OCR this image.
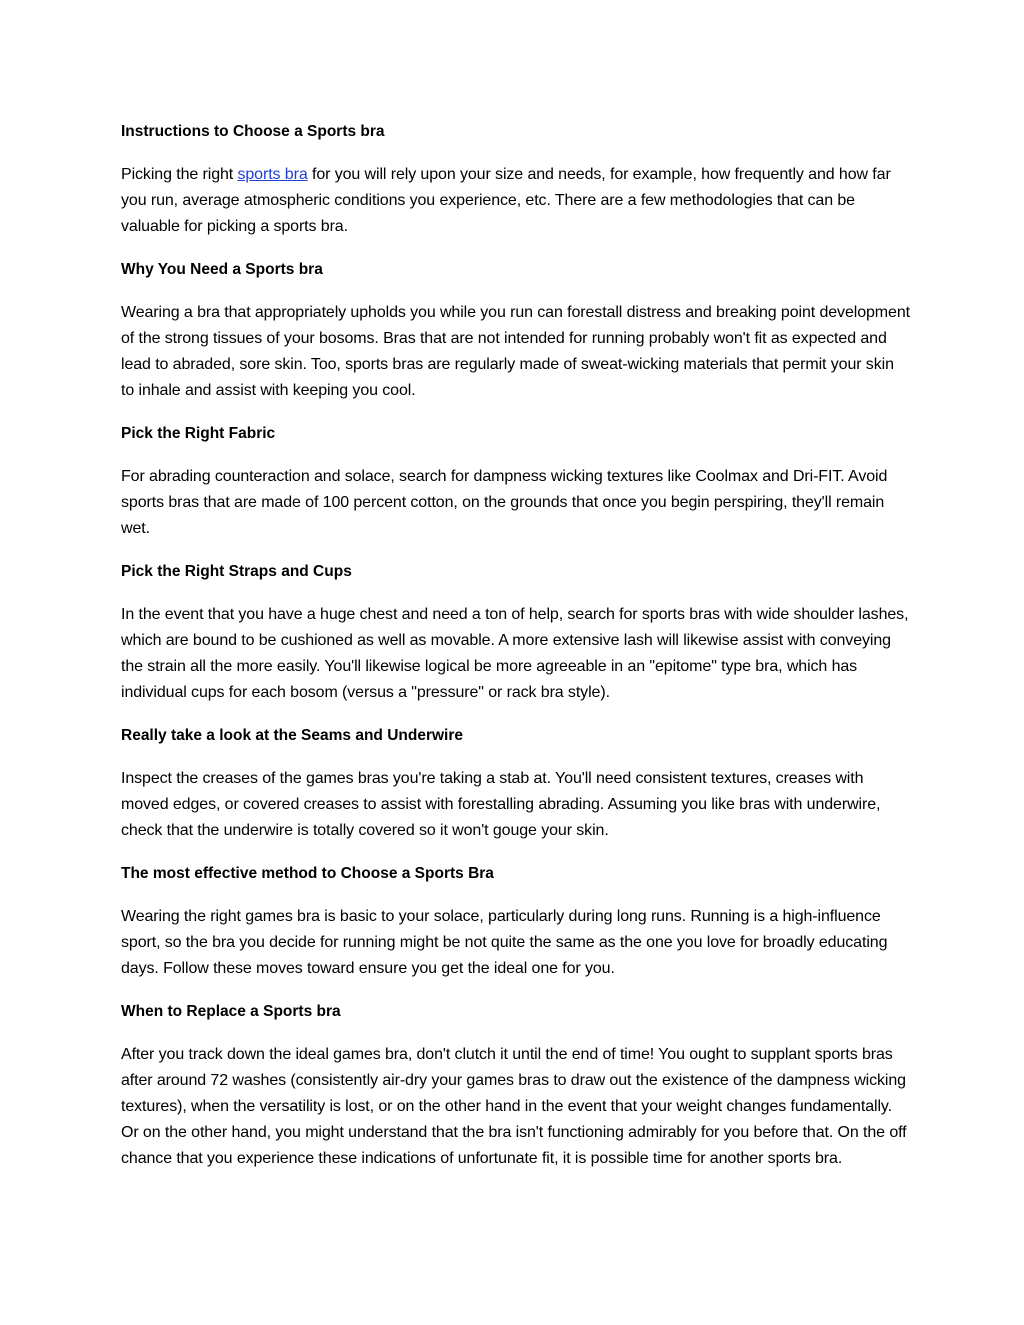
Instructions to Choose a Sports bra

Picking the right sports bra for you will rely upon your size and needs, for example, how frequently and how far you run, average atmospheric conditions you experience, etc. There are a few methodologies that can be valuable for picking a sports bra.

Why You Need a Sports bra

Wearing a bra that appropriately upholds you while you run can forestall distress and breaking point development of the strong tissues of your bosoms. Bras that are not intended for running probably won't fit as expected and lead to abraded, sore skin. Too, sports bras are regularly made of sweat-wicking materials that permit your skin to inhale and assist with keeping you cool.

Pick the Right Fabric

For abrading counteraction and solace, search for dampness wicking textures like Coolmax and Dri-FIT. Avoid sports bras that are made of 100 percent cotton, on the grounds that once you begin perspiring, they'll remain wet.

Pick the Right Straps and Cups

In the event that you have a huge chest and need a ton of help, search for sports bras with wide shoulder lashes, which are bound to be cushioned as well as movable. A more extensive lash will likewise assist with conveying the strain all the more easily. You'll likewise logical be more agreeable in an "epitome" type bra, which has individual cups for each bosom (versus a "pressure" or rack bra style).

Really take a look at the Seams and Underwire

Inspect the creases of the games bras you're taking a stab at. You'll need consistent textures, creases with moved edges, or covered creases to assist with forestalling abrading. Assuming you like bras with underwire, check that the underwire is totally covered so it won't gouge your skin.

The most effective method to Choose a Sports Bra

Wearing the right games bra is basic to your solace, particularly during long runs. Running is a high-influence sport, so the bra you decide for running might be not quite the same as the one you love for broadly educating days. Follow these moves toward ensure you get the ideal one for you.

When to Replace a Sports bra

After you track down the ideal games bra, don't clutch it until the end of time! You ought to supplant sports bras after around 72 washes (consistently air-dry your games bras to draw out the existence of the dampness wicking textures), when the versatility is lost, or on the other hand in the event that your weight changes fundamentally. Or on the other hand, you might understand that the bra isn't functioning admirably for you before that. On the off chance that you experience these indications of unfortunate fit, it is possible time for another sports bra.
